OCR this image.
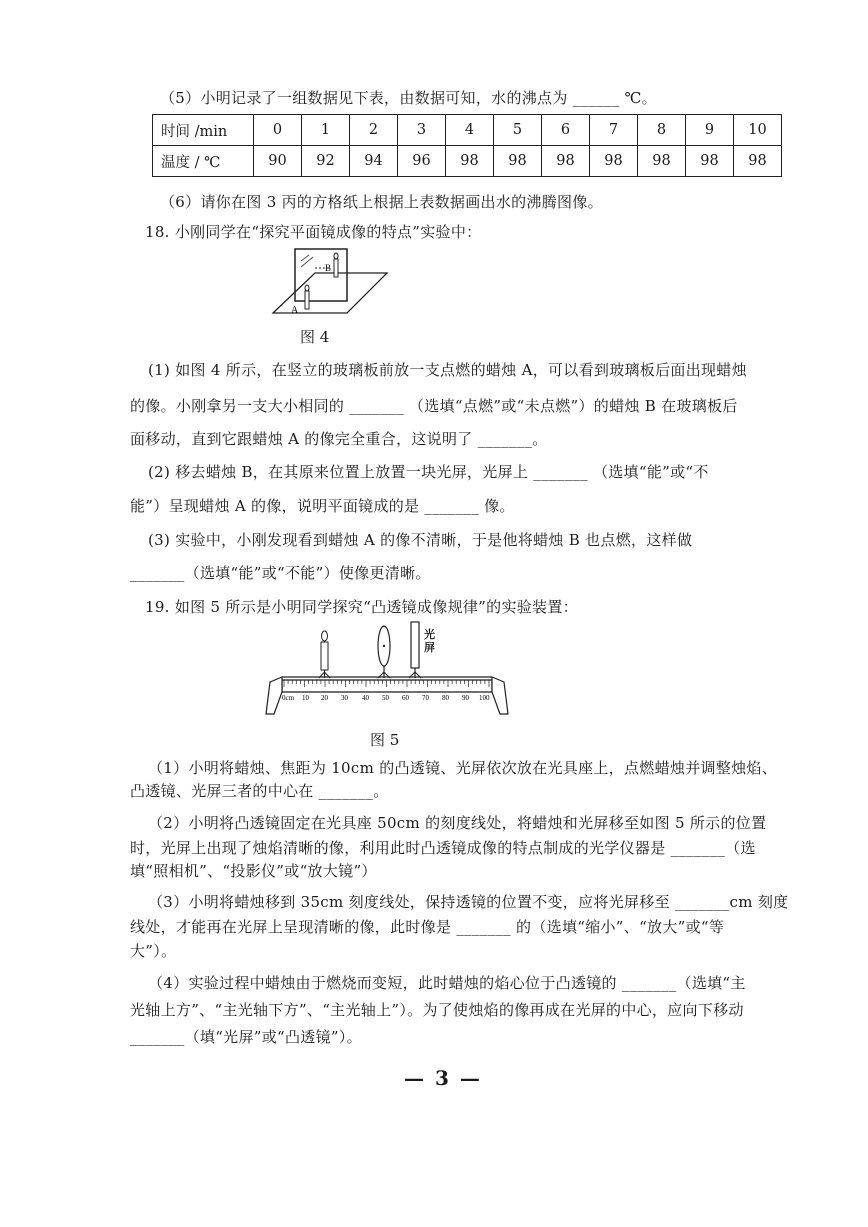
（5）小明记录了一组数据见下表，由数据可知，水的沸点为 ______ ℃。
时间 /min	0	1	2	3	4	5	6	7	8	9	10
温度 / ℃	90	92	94	96	98	98	98	98	98	98	98
（6）请你在图 3 丙的方格纸上根据上表数据画出水的沸腾图像。
18. 小刚同学在“探究平面镜成像的特点”实验中：
B
A
图 4
(1) 如图 4 所示，在竖立的玻璃板前放一支点燃的蜡烛 A，可以看到玻璃板后面出现蜡烛
的像。小刚拿另一支大小相同的 _______ （选填“点燃”或“未点燃”）的蜡烛 B 在玻璃板后
面移动，直到它跟蜡烛 A 的像完全重合，这说明了 _______。
(2) 移去蜡烛 B，在其原来位置上放置一块光屏，光屏上 _______ （选填“能”或“不
能”）呈现蜡烛 A 的像，说明平面镜成的是 _______ 像。
(3) 实验中，小刚发现看到蜡烛 A 的像不清晰，于是他将蜡烛 B 也点燃，这样做
_______（选填“能”或“不能”）使像更清晰。
19. 如图 5 所示是小明同学探究“凸透镜成像规律”的实验装置：
0cm 10 20 30 40 50 60 70 80 90 100
光屏
图 5
（1）小明将蜡烛、焦距为 10cm 的凸透镜、光屏依次放在光具座上，点燃蜡烛并调整烛焰、
凸透镜、光屏三者的中心在 _______。
（2）小明将凸透镜固定在光具座 50cm 的刻度线处，将蜡烛和光屏移至如图 5 所示的位置
时，光屏上出现了烛焰清晰的像，利用此时凸透镜成像的特点制成的光学仪器是 _______（选
填“照相机”、“投影仪”或“放大镜”）
（3）小明将蜡烛移到 35cm 刻度线处，保持透镜的位置不变，应将光屏移至 _______cm 刻度
线处，才能再在光屏上呈现清晰的像，此时像是 _______ 的（选填“缩小”、“放大”或“等
大”）。
（4）实验过程中蜡烛由于燃烧而变短，此时蜡烛的焰心位于凸透镜的 _______（选填“主
光轴上方”、“主光轴下方”、“主光轴上”）。为了使烛焰的像再成在光屏的中心，应向下移动
_______（填“光屏”或“凸透镜”）。
— 3 —
